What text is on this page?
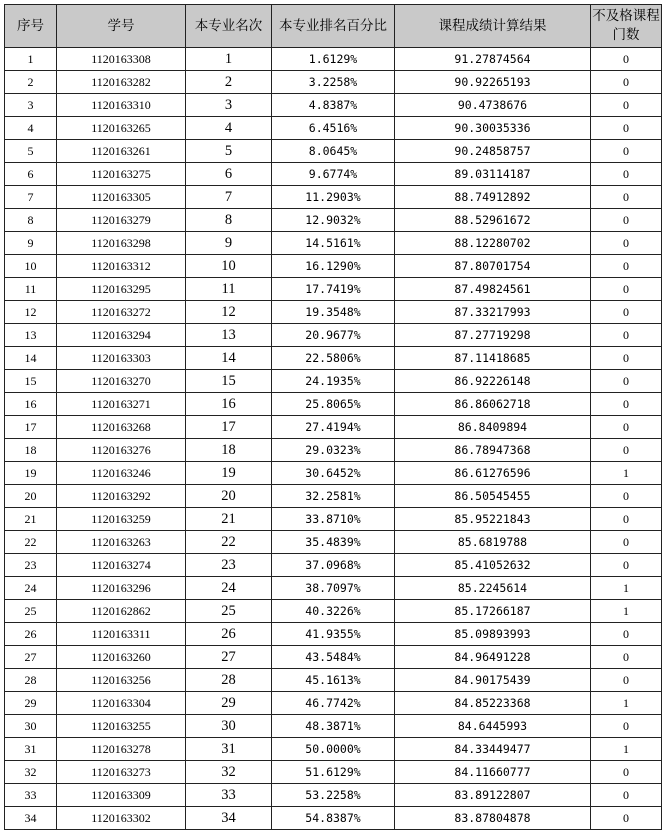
序号	学号	本专业名次	本专业排名百分比	课程成绩计算结果	不及格课程门数
1	1120163308	1	1.6129%	91.27874564	0
2	1120163282	2	3.2258%	90.92265193	0
3	1120163310	3	4.8387%	90.4738676	0
4	1120163265	4	6.4516%	90.30035336	0
5	1120163261	5	8.0645%	90.24858757	0
6	1120163275	6	9.6774%	89.03114187	0
7	1120163305	7	11.2903%	88.74912892	0
8	1120163279	8	12.9032%	88.52961672	0
9	1120163298	9	14.5161%	88.12280702	0
10	1120163312	10	16.1290%	87.80701754	0
11	1120163295	11	17.7419%	87.49824561	0
12	1120163272	12	19.3548%	87.33217993	0
13	1120163294	13	20.9677%	87.27719298	0
14	1120163303	14	22.5806%	87.11418685	0
15	1120163270	15	24.1935%	86.92226148	0
16	1120163271	16	25.8065%	86.86062718	0
17	1120163268	17	27.4194%	86.8409894	0
18	1120163276	18	29.0323%	86.78947368	0
19	1120163246	19	30.6452%	86.61276596	1
20	1120163292	20	32.2581%	86.50545455	0
21	1120163259	21	33.8710%	85.95221843	0
22	1120163263	22	35.4839%	85.6819788	0
23	1120163274	23	37.0968%	85.41052632	0
24	1120163296	24	38.7097%	85.2245614	1
25	1120162862	25	40.3226%	85.17266187	1
26	1120163311	26	41.9355%	85.09893993	0
27	1120163260	27	43.5484%	84.96491228	0
28	1120163256	28	45.1613%	84.90175439	0
29	1120163304	29	46.7742%	84.85223368	1
30	1120163255	30	48.3871%	84.6445993	0
31	1120163278	31	50.0000%	84.33449477	1
32	1120163273	32	51.6129%	84.11660777	0
33	1120163309	33	53.2258%	83.89122807	0
34	1120163302	34	54.8387%	83.87804878	0
